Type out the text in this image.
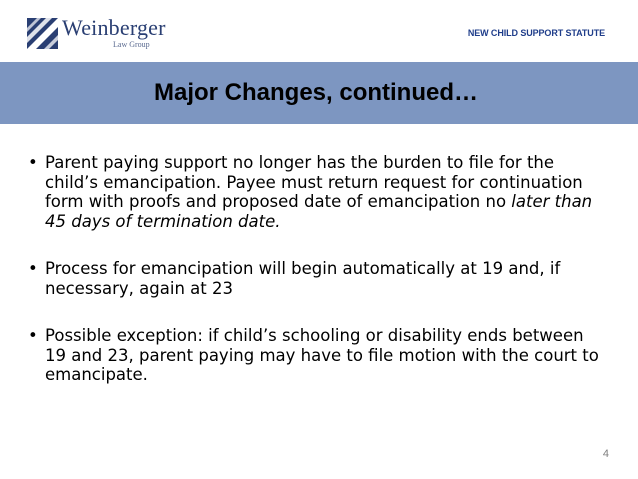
Weinberger
Law Group
NEW CHILD SUPPORT STATUTE
Major Changes, continued…
• Parent paying support no longer has the burden to file for the child’s emancipation. Payee must return request for continuation form with proofs and proposed date of emancipation no later than 45 days of termination date.
• Process for emancipation will begin automatically at 19 and, if necessary, again at 23
• Possible exception: if child’s schooling or disability ends between 19 and 23, parent paying may have to file motion with the court to emancipate.
4
